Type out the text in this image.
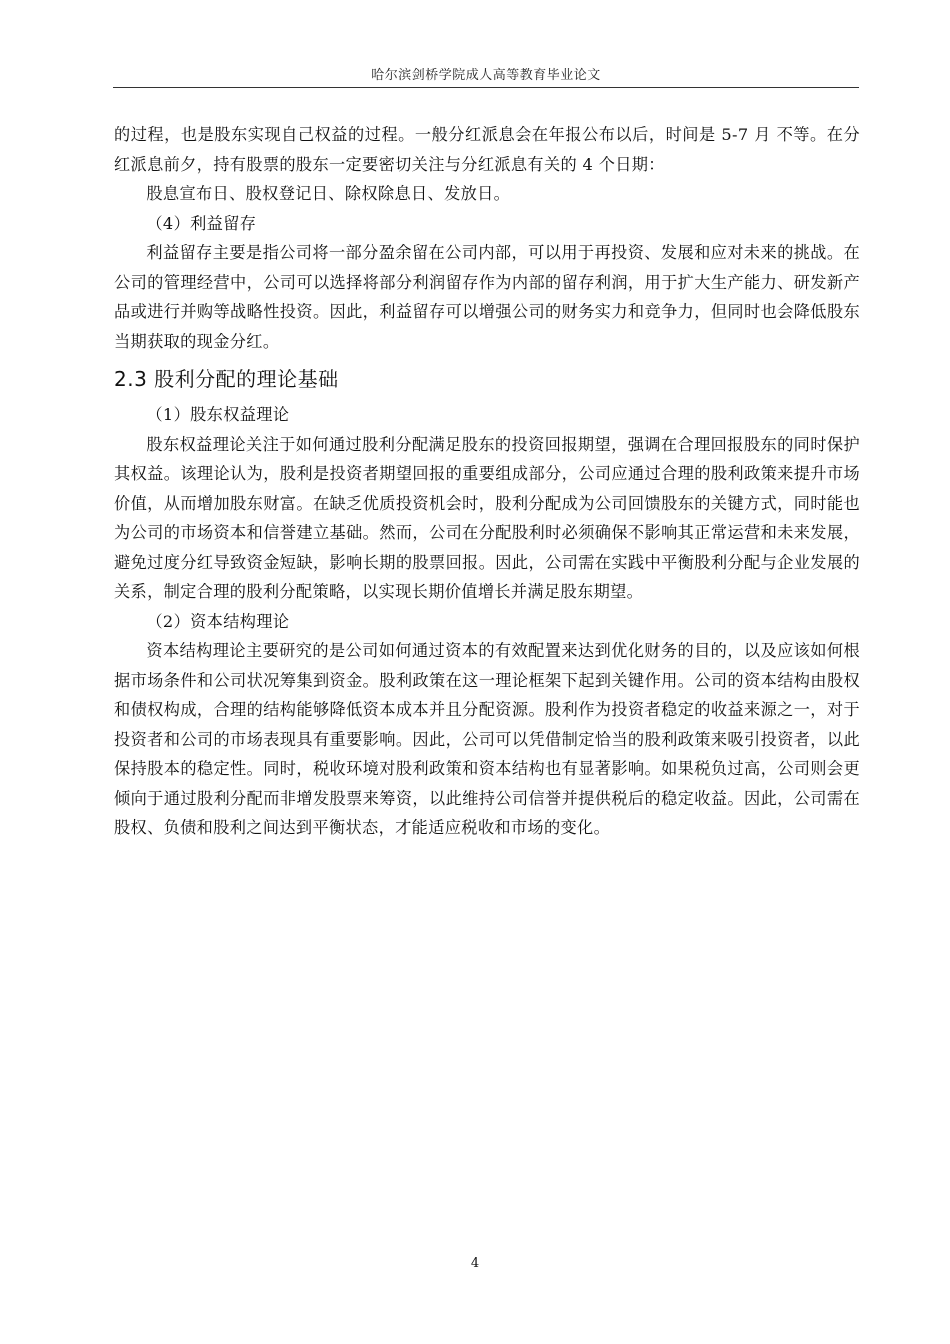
哈尔滨剑桥学院成人高等教育毕业论文

的过程，也是股东实现自己权益的过程。一般分红派息会在年报公布以后，时间是 5-7 月 不等。在分红派息前夕，持有股票的股东一定要密切关注与分红派息有关的 4 个日期：

股息宣布日、股权登记日、除权除息日、发放日。

（4）利益留存

利益留存主要是指公司将一部分盈余留在公司内部，可以用于再投资、发展和应对未来的挑战。在公司的管理经营中，公司可以选择将部分利润留存作为内部的留存利润，用于扩大生产能力、研发新产品或进行并购等战略性投资。因此，利益留存可以增强公司的财务实力和竞争力，但同时也会降低股东当期获取的现金分红。

2.3 股利分配的理论基础

（1）股东权益理论

股东权益理论关注于如何通过股利分配满足股东的投资回报期望，强调在合理回报股东的同时保护其权益。该理论认为，股利是投资者期望回报的重要组成部分，公司应通过合理的股利政策来提升市场价值，从而增加股东财富。在缺乏优质投资机会时，股利分配成为公司回馈股东的关键方式，同时能也为公司的市场资本和信誉建立基础。然而，公司在分配股利时必须确保不影响其正常运营和未来发展，避免过度分红导致资金短缺，影响长期的股票回报。因此，公司需在实践中平衡股利分配与企业发展的关系，制定合理的股利分配策略，以实现长期价值增长并满足股东期望。

（2）资本结构理论

资本结构理论主要研究的是公司如何通过资本的有效配置来达到优化财务的目的，以及应该如何根据市场条件和公司状况筹集到资金。股利政策在这一理论框架下起到关键作用。公司的资本结构由股权和债权构成，合理的结构能够降低资本成本并且分配资源。股利作为投资者稳定的收益来源之一，对于投资者和公司的市场表现具有重要影响。因此，公司可以凭借制定恰当的股利政策来吸引投资者，以此保持股本的稳定性。同时，税收环境对股利政策和资本结构也有显著影响。如果税负过高，公司则会更倾向于通过股利分配而非增发股票来筹资，以此维持公司信誉并提供税后的稳定收益。因此，公司需在股权、负债和股利之间达到平衡状态，才能适应税收和市场的变化。

4
